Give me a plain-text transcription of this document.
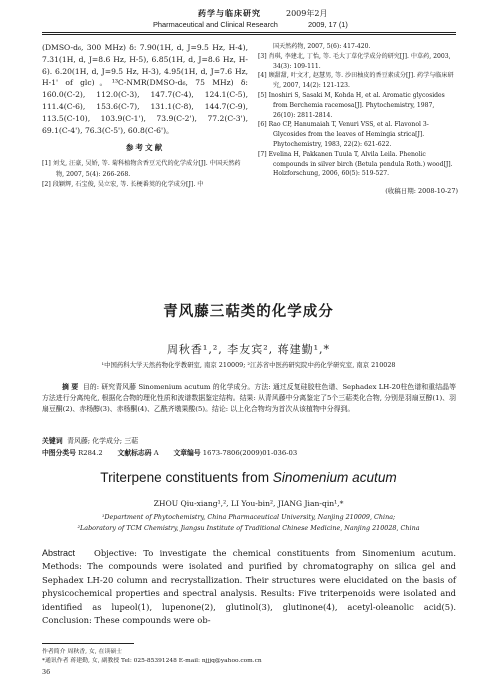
药学与临床研究	2009年2月
Pharmaceutical and Clinical Research	2009, 17 (1)

(DMSO-d₆, 300 MHz) δ: 7.90(1H, d, J=9.5 Hz, H-4), 7.31(1H, d, J=8.6 Hz, H-5), 6.85(1H, d, J=8.6 Hz, H-6). 6.20(1H, d, J=9.5 Hz, H-3), 4.95(1H, d, J=7.6 Hz, H-1' of glc)。¹³C-NMR(DMSO-d₆, 75 MHz) δ: 160.0(C-2), 112.0(C-3), 147.7(C-4), 124.1(C-5), 111.4(C-6), 153.6(C-7), 131.1(C-8), 144.7(C-9), 113.5(C-10), 103.9(C-1'), 73.9(C-2'), 77.2(C-3'), 69.1(C-4'), 76.3(C-5'), 60.8(C-6')。

参考文献
[1] 刘戈, 汪豪, 吴娇, 等. 菊科植物含香豆元代的化学成分[J]. 中国天然药物, 2007, 5(4): 266-268.
[2] 段颖辉, 石宝俊, 吴立宏, 等. 长梗番荚的化学成分[J]. 中
国天然药物, 2007, 5(6): 417-420.
[3] 肖琪, 李建北, 丁怡, 等. 毛大丁草化学成分的研究[J]. 中草药, 2003, 34(3): 109-111.
[4] 顾甜甜, 叶文才, 赵慧男, 等. 沙田柚皮的香豆素成分[J]. 药学与临床研究, 2007, 14(2): 121-123.
[5] Inoshiri S, Sasaki M, Kohda H, et al. Aromatic glycosides from Berchemia racemosa[J]. Phytochemistry, 1987, 26(10): 2811-2814.
[6] Rao CP, Hanumaiah T, Venuri VSS, et al. Flavonol 3-Glycosides from the leaves of Hemingia strica[J]. Phytochemistry, 1983, 22(2): 621-622.
[7] Evelina H, Pakkanen Tuula T, Alvila Leila. Phenolic compounds in silver birch (Betula pendula Roth.) wood[J]. Holzforschung, 2006, 60(5): 519-527.
(收稿日期: 2008-10-27)
青风藤三萜类的化学成分
周秋香¹,², 李友宾², 蒋建勤¹,*
¹中国药科大学天然药物化学教研室, 南京 210009; ²江苏省中医药研究院中药化学研究室, 南京 210028
摘 要 目的: 研究青风藤 Sinomenium acutum 的化学成分。方法: 通过反复硅胶柱色谱、Sephadex LH-20柱色谱和重结晶等方法进行分离纯化, 根据化合物的理化性质和波谱数据鉴定结构。结果: 从青风藤中分离鉴定了5个三萜类化合物, 分别是羽扇豆醇(1)、羽扇豆酮(2)、赤杨醇(3)、赤杨酮(4)、乙酰齐墩果酸(5)。结论: 以上化合物均为首次从该植物中分得到。
关键词 青风藤; 化学成分; 三萜
中图分类号 R284.2 文献标志码 A 文章编号 1673-7806(2009)01-036-03
Triterpene constituents from Sinomenium acutum
ZHOU Qiu-xiang¹,², LI You-bin², JIANG Jian-qin¹,*
¹Department of Phytochemistry, China Pharmaceutical University, Nanjing 210009, China;
²Laboratory of TCM Chemistry, Jiangsu Institute of Traditional Chinese Medicine, Nanjing 210028, China
Abstract Objective: To investigate the chemical constituents from Sinomenium acutum. Methods: The compounds were isolated and purified by chromatography on silica gel and Sephadex LH-20 column and recrystallization. Their structures were elucidated on the basis of physicochemical properties and spectral analysis. Results: Five triterpenoids were isolated and identified as lupeol(1), lupenone(2), glutinol(3), glutinone(4), acetyl-oleanolic acid(5). Conclusion: These compounds were ob-
作者简介 周秋香, 女, 在读硕士
*通讯作者 蒋建勤, 女, 副教授 Tel: 025-85391248 E-mail: njjjq@yahoo.com.cn
36
